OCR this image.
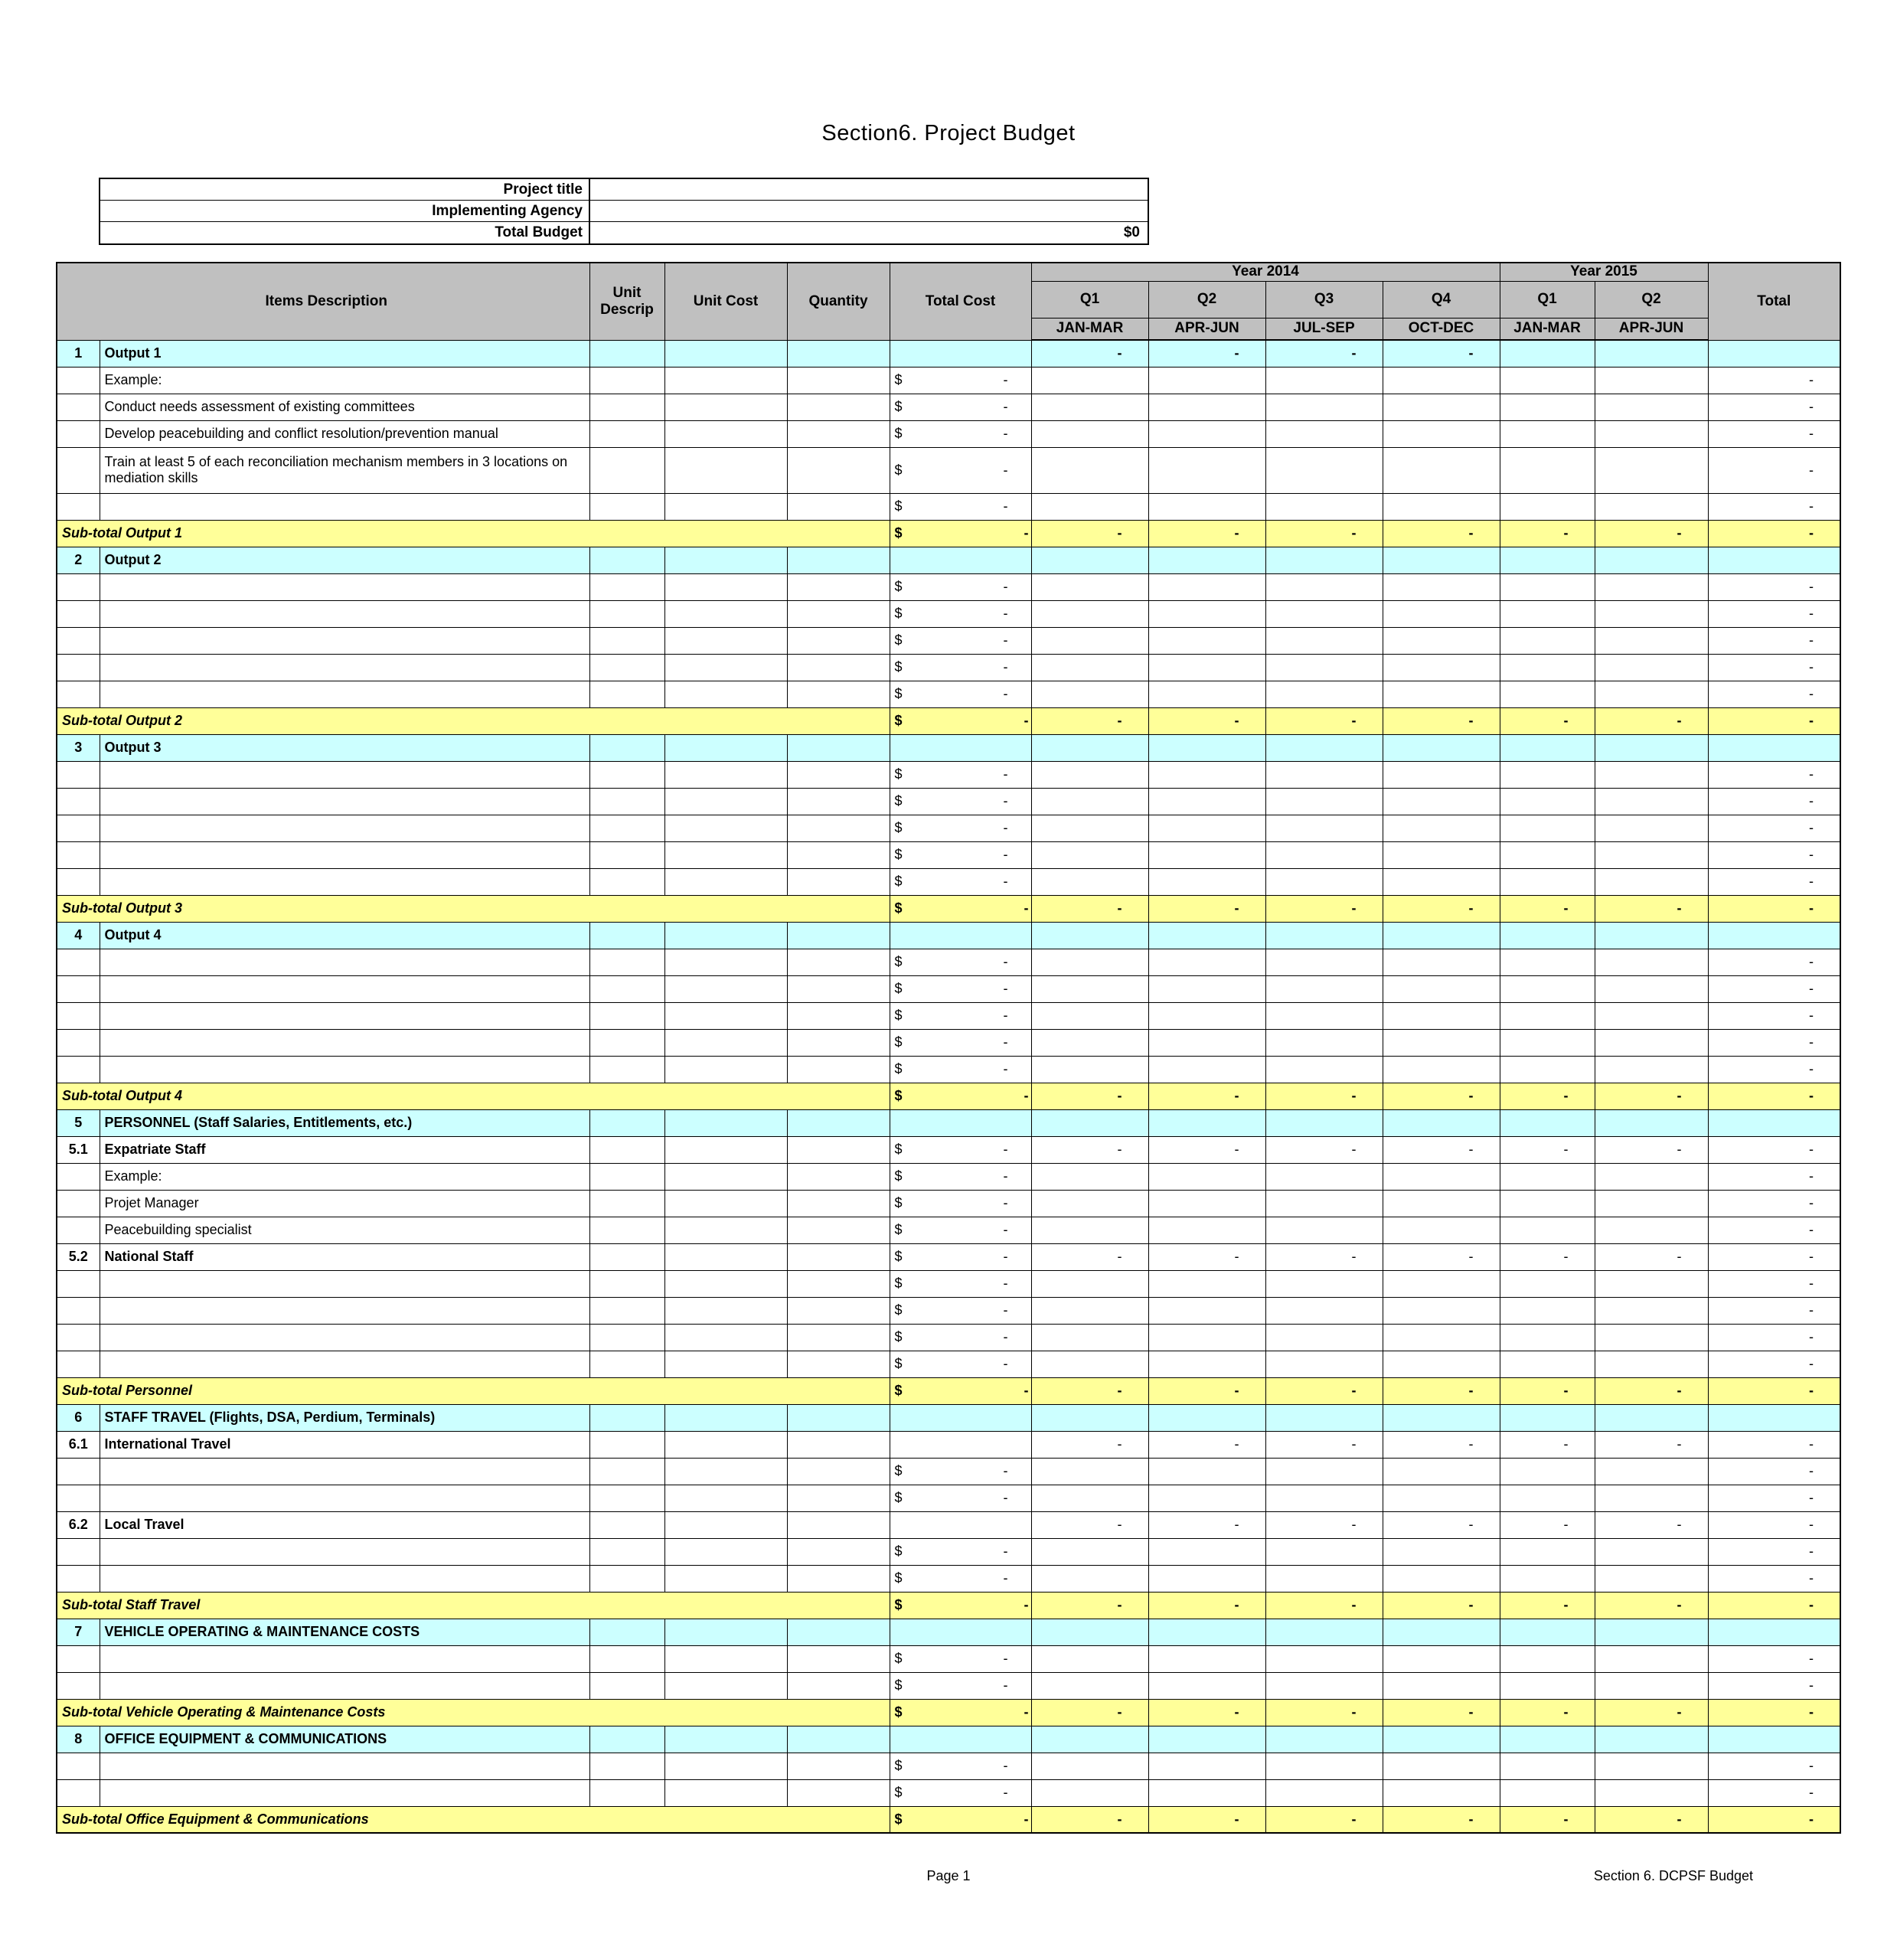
Section6. Project Budget
Project title
Implementing Agency
Total Budget	$0
Items Description		Unit Descrip	Unit Cost	Quantity	Total Cost	Year 2014				Year 2015		Total
						Q1	Q2	Q3	Q4	Q1	Q2	
						JAN-MAR	APR-JUN	JUL-SEP	OCT-DEC	JAN-MAR	APR-JUN	
1	Output 1					-	-	-	-			
	Example:				$ -							-
	Conduct needs assessment of existing committees				$ -							-
	Develop peacebuilding and conflict resolution/prevention manual				$ -							-
	Train at least 5 of each reconciliation mechanism members in 3 locations on mediation skills				$ -							-

					$ -							-
Sub-total Output 1					$ -	-	-	-	-	-	-	-
2	Output 2											

					$ -							-

					$ -							-

					$ -							-

					$ -							-

					$ -							-
Sub-total Output 2					$ -	-	-	-	-	-	-	-
3	Output 3											

					$ -							-

					$ -							-

					$ -							-

					$ -							-

					$ -							-
Sub-total Output 3					$ -	-	-	-	-	-	-	-
4	Output 4											

					$ -							-

					$ -							-

					$ -							-

					$ -							-

					$ -							-
Sub-total Output 4					$ -	-	-	-	-	-	-	-
5	PERSONNEL (Staff Salaries, Entitlements, etc.)											
5.1	Expatriate Staff				$ -	-	-	-	-	-	-	-
	Example:				$ -							-
	Projet Manager				$ -							-
	Peacebuilding specialist				$ -							-
5.2	National Staff				$ -	-	-	-	-	-	-	-

					$ -							-

					$ -							-

					$ -							-

					$ -							-
Sub-total Personnel					$ -	-	-	-	-	-	-	-
6	STAFF TRAVEL (Flights, DSA, Perdium, Terminals)											
6.1	International Travel					-	-	-	-	-	-	-

					$ -							-

					$ -							-
6.2	Local Travel					-	-	-	-	-	-	-

					$ -							-

					$ -							-
Sub-total Staff Travel					$ -	-	-	-	-	-	-	-
7	VEHICLE OPERATING & MAINTENANCE COSTS											

					$ -							-

					$ -							-
Sub-total Vehicle Operating & Maintenance Costs					$ -	-	-	-	-	-	-	-
8	OFFICE EQUIPMENT & COMMUNICATIONS											

					$ -							-

					$ -							-
Sub-total Office Equipment & Communications					$ -	-	-	-	-	-	-	-
Page 1	Section 6. DCPSF Budget
